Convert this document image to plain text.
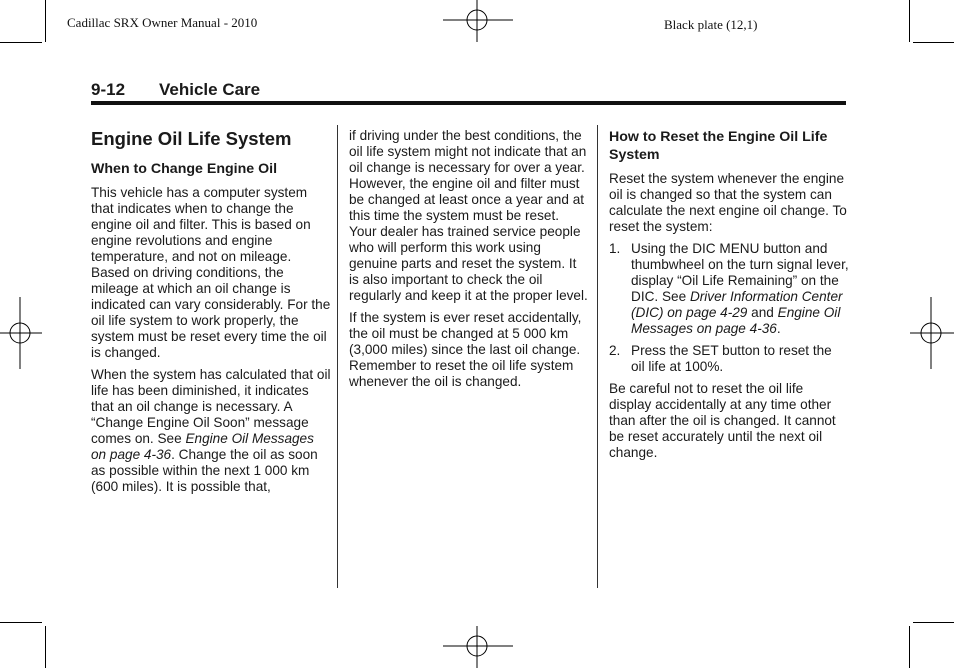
Cadillac SRX Owner Manual - 2010	Black plate (12,1)
9-12 Vehicle Care
Engine Oil Life System
When to Change Engine Oil

This vehicle has a computer system that indicates when to change the engine oil and filter. This is based on engine revolutions and engine temperature, and not on mileage. Based on driving conditions, the mileage at which an oil change is indicated can vary considerably. For the oil life system to work properly, the system must be reset every time the oil is changed.

When the system has calculated that oil life has been diminished, it indicates that an oil change is necessary. A “Change Engine Oil Soon” message comes on. See Engine Oil Messages on page 4-36. Change the oil as soon as possible within the next 1 000 km (600 miles). It is possible that,

if driving under the best conditions, the oil life system might not indicate that an oil change is necessary for over a year. However, the engine oil and filter must be changed at least once a year and at this time the system must be reset. Your dealer has trained service people who will perform this work using genuine parts and reset the system. It is also important to check the oil regularly and keep it at the proper level.

If the system is ever reset accidentally, the oil must be changed at 5 000 km (3,000 miles) since the last oil change. Remember to reset the oil life system whenever the oil is changed.

How to Reset the Engine Oil Life System

Reset the system whenever the engine oil is changed so that the system can calculate the next engine oil change. To reset the system:

1. Using the DIC MENU button and thumbwheel on the turn signal lever, display “Oil Life Remaining” on the DIC. See Driver Information Center (DIC) on page 4-29 and Engine Oil Messages on page 4-36.
2. Press the SET button to reset the oil life at 100%.

Be careful not to reset the oil life display accidentally at any time other than after the oil is changed. It cannot be reset accurately until the next oil change.
